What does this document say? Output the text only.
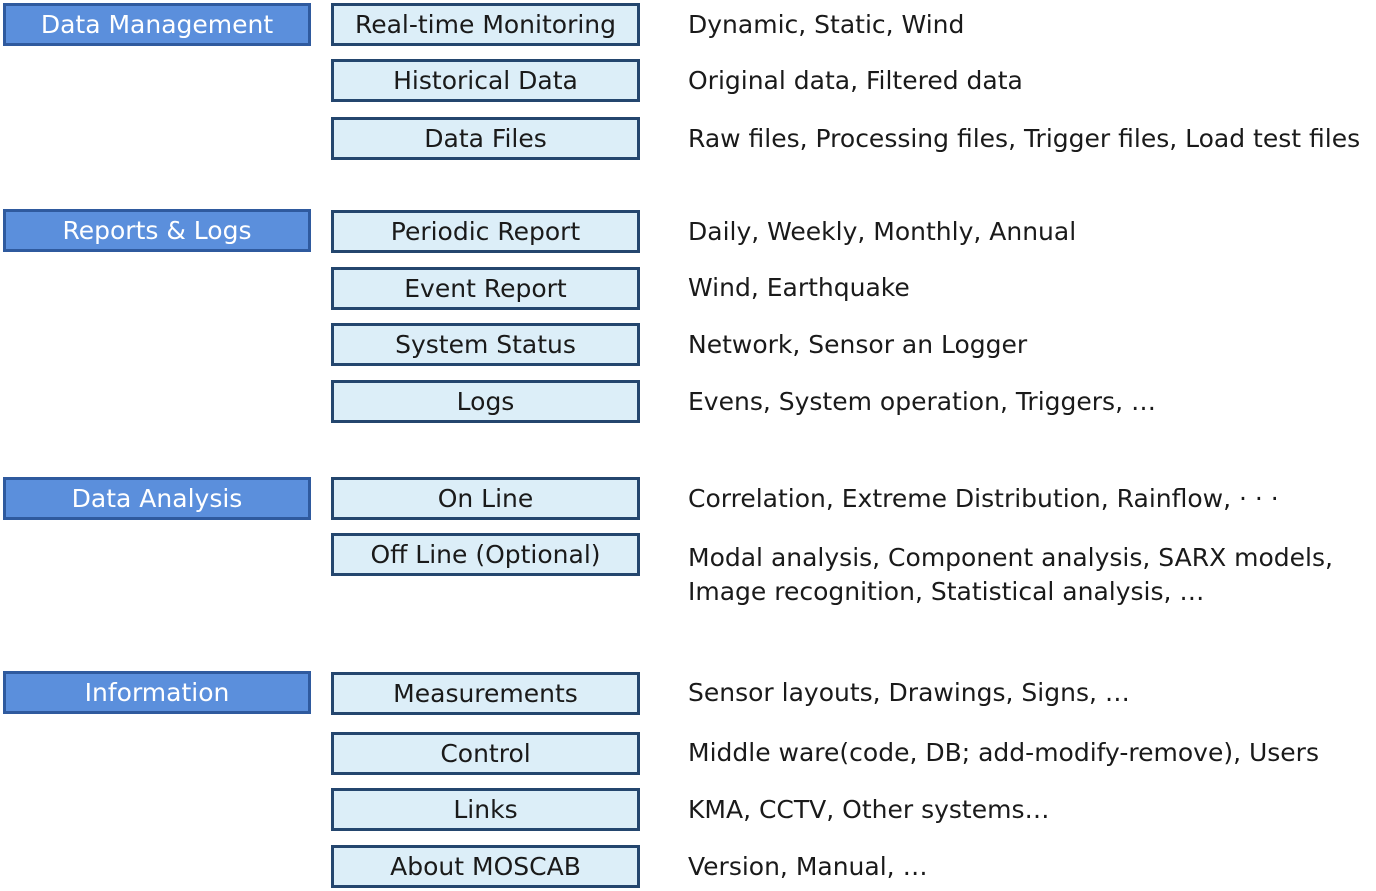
Data Management
Reports & Logs
Data Analysis
Information
Real-time Monitoring
Historical Data
Data Files
Periodic Report
Event Report
System Status
Logs
On Line
Off Line (Optional)
Measurements
Control
Links
About MOSCAB
Dynamic, Static, Wind
Original data, Filtered data
Raw files, Processing files, Trigger files, Load test files
Daily, Weekly, Monthly, Annual
Wind, Earthquake
Network, Sensor an Logger
Evens, System operation, Triggers, …
Correlation, Extreme Distribution, Rainflow, · · ·
Modal analysis, Component analysis, SARX models,
Image recognition, Statistical analysis, …
Sensor layouts, Drawings, Signs, …
Middle ware(code, DB; add-modify-remove), Users
KMA, CCTV, Other systems…
Version, Manual, …
